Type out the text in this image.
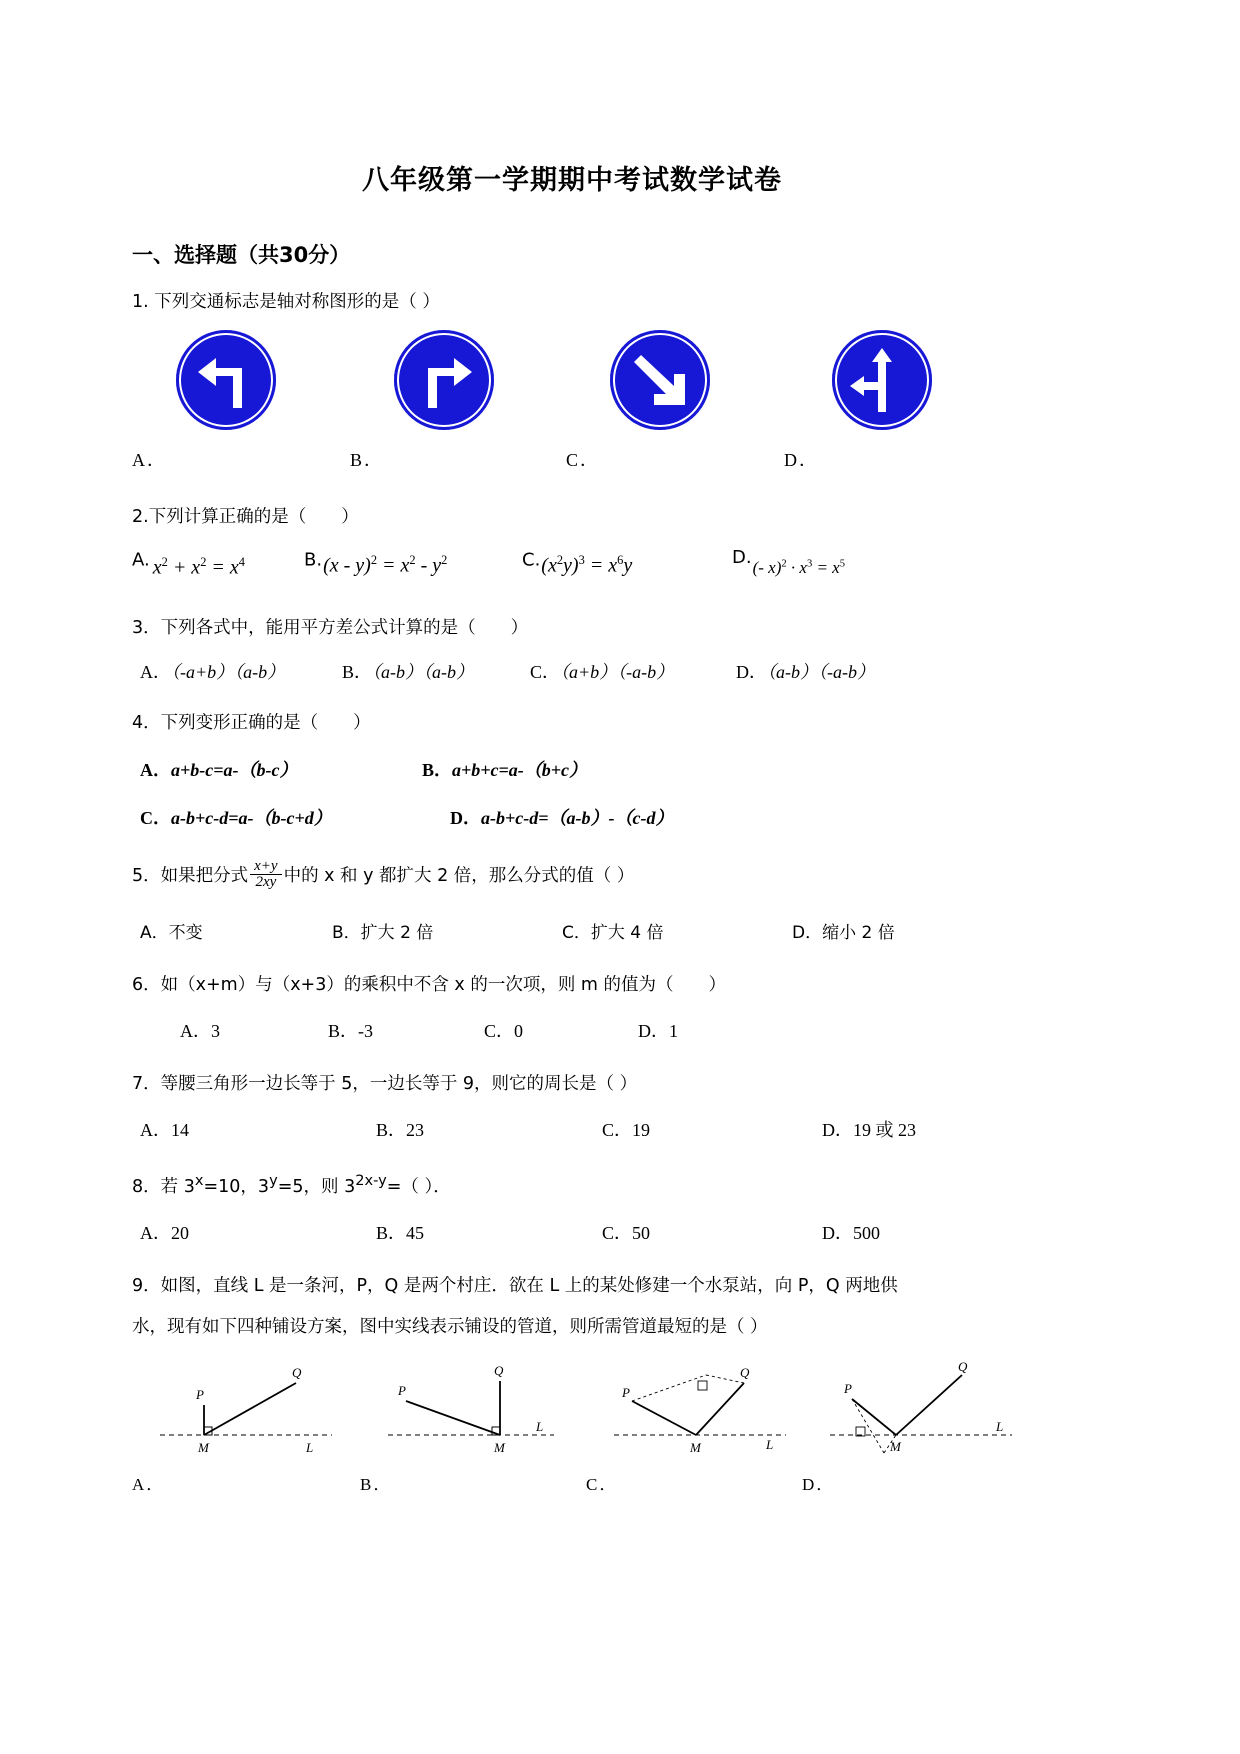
八年级第一学期期中考试数学试卷
一、选择题（共30分）
1. 下列交通标志是轴对称图形的是（ ）
A．	B．	C．	D．
2.下列计算正确的是（　　）
A. $x^2 + x^2 = x^4$	$B.(x - y)^2 = x^2 - y^2$	$C.(x^2y)^3 = x^6y$	D.(- $x)^2 \cdot x^3 = x^5$
3．下列各式中，能用平方差公式计算的是（　　）
A．（-a+b）（a-b）	B．（a-b）（a-b）	C．（a+b）（-a-b）	D．（a-b）（-a-b）
4．下列变形正确的是（　　）
A．a+b-c=a-（b-c）	B．a+b+c=a-（b+c）
C．a-b+c-d=a-（b-c+d）	D．a-b+c-d=（a-b）-（c-d）
5．如果把分式 $\frac{x+y}{2xy}$ 中的 x 和 y 都扩大 2 倍，那么分式的值（ ）
A．不变	B．扩大 2 倍	C．扩大 4 倍	D．缩小 2 倍
6．如（x+m）与（x+3）的乘积中不含 x 的一次项，则 m 的值为（　　）
A．3	B．-3	C．0	D．1
7．等腰三角形一边长等于 5，一边长等于 9，则它的周长是（ ）
A．14	B．23	C．19	D．19 或 23
8．若 $3^x=10$，$3^y=5$，则 $3^{2x-y}=$（ ）．
A．20	B．45	C．50	D．500
9．如图，直线 L 是一条河，P，Q 是两个村庄．欲在 L 上的某处修建一个水泵站，向 P，Q 两地供
水，现有如下四种铺设方案，图中实线表示铺设的管道，则所需管道最短的是（ ）
P
Q
M	L
P
Q
M
L
P
Q
M	L
P
Q
M
L
A．	B．	C．	D．
